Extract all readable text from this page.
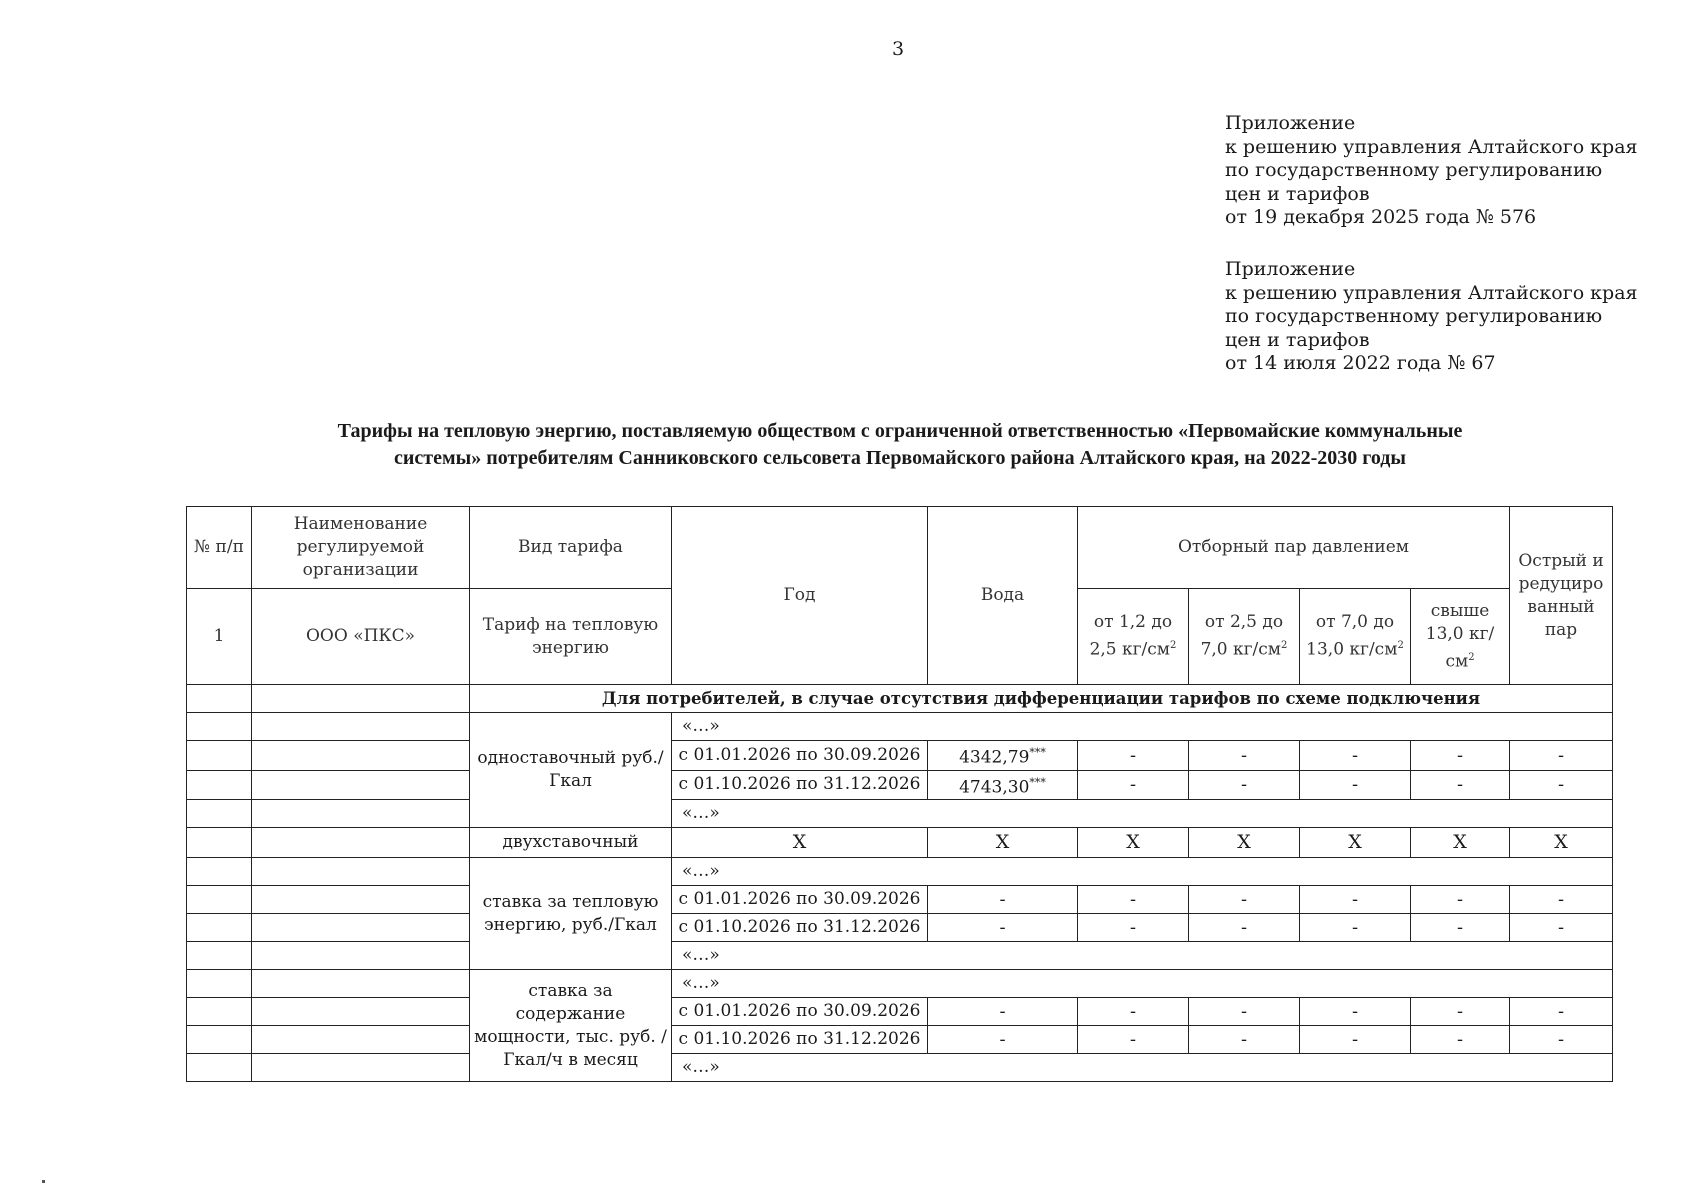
3
Приложение
к решению управления Алтайского края
по государственному регулированию
цен и тарифов
от 19 декабря 2025 года № 576
Приложение
к решению управления Алтайского края
по государственному регулированию
цен и тарифов
от 14 июля 2022 года № 67
Тарифы на тепловую энергию, поставляемую обществом с ограниченной ответственностью «Первомайские коммунальные
системы» потребителям Санниковского сельсовета Первомайского района Алтайского края, на 2022-2030 годы
№ п/п	Наименование регулируемой организации	Вид тарифа	Год	Вода	Отборный пар давлением				Острый и редуциро ванный пар
1	ООО «ПКС»	Тариф на тепловую энергию			от 1,2 до 2,5 $кг/см^2$	от 2,5 до 7,0 $кг/см^2$	от 7,0 до 13,0 $кг/см^2$	свыше 13,0 $кг/см^2$
		Для потребителей, в случае отсутствия дифференциации тарифов по схеме подключения							
		одноставочный руб./Гкал	«…»						
			с 01.01.2026 по 30.09.2026	4342,79***	-	-	-	-	-
			с 01.10.2026 по 31.12.2026	4743,30***	-	-	-	-	-
			«…»						
		двухставочный	X	X	X	X	X	X	X
		ставка за тепловую энергию, руб./Гкал	«…»						
			с 01.01.2026 по 30.09.2026	-	-	-	-	-	-
			с 01.10.2026 по 31.12.2026	-	-	-	-	-	-
			«…»						
		ставка за содержание мощности, тыс. руб. /Гкал/ч в месяц	«…»						
			с 01.01.2026 по 30.09.2026	-	-	-	-	-	-
			с 01.10.2026 по 31.12.2026	-	-	-	-	-	-
			«…»						
